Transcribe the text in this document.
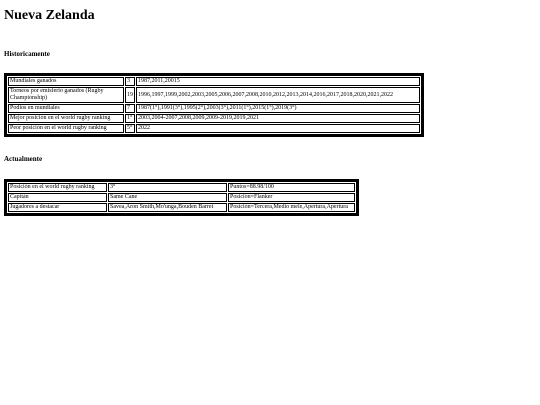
Nueva Zelanda
Historicamente
Mundiales ganados	3	1987,2011,20015
Torneos por emisferio ganados (Rugby Championship)	19	1996,1997,1999,2002,2003,2005,2006,2007,2008,2010,2012,2013,2014,2016,2017,2018,2020,2021,2022
Podios en mundiales	7	1987(1°),1991(3°),1995(2°),2003(3°),2011(1°),2015(1°),2019(3°)
Mejor posición en el world rugby ranking	1°	2003,2004-2007,2008,2009,2009-2019,2019,2021
Peor posición en el world rugby ranking	5°	2022
Actualmente
Posición en el world rugby ranking	3°	Puntos=88.98/100
Capitán	Same Cane	Posición=Flanker
Jugadores a destacar	Savea,Aron Smith,Mo'unga,Bouden Barret	Posición=Tercera,Medio mele,Apertura,Apertura
